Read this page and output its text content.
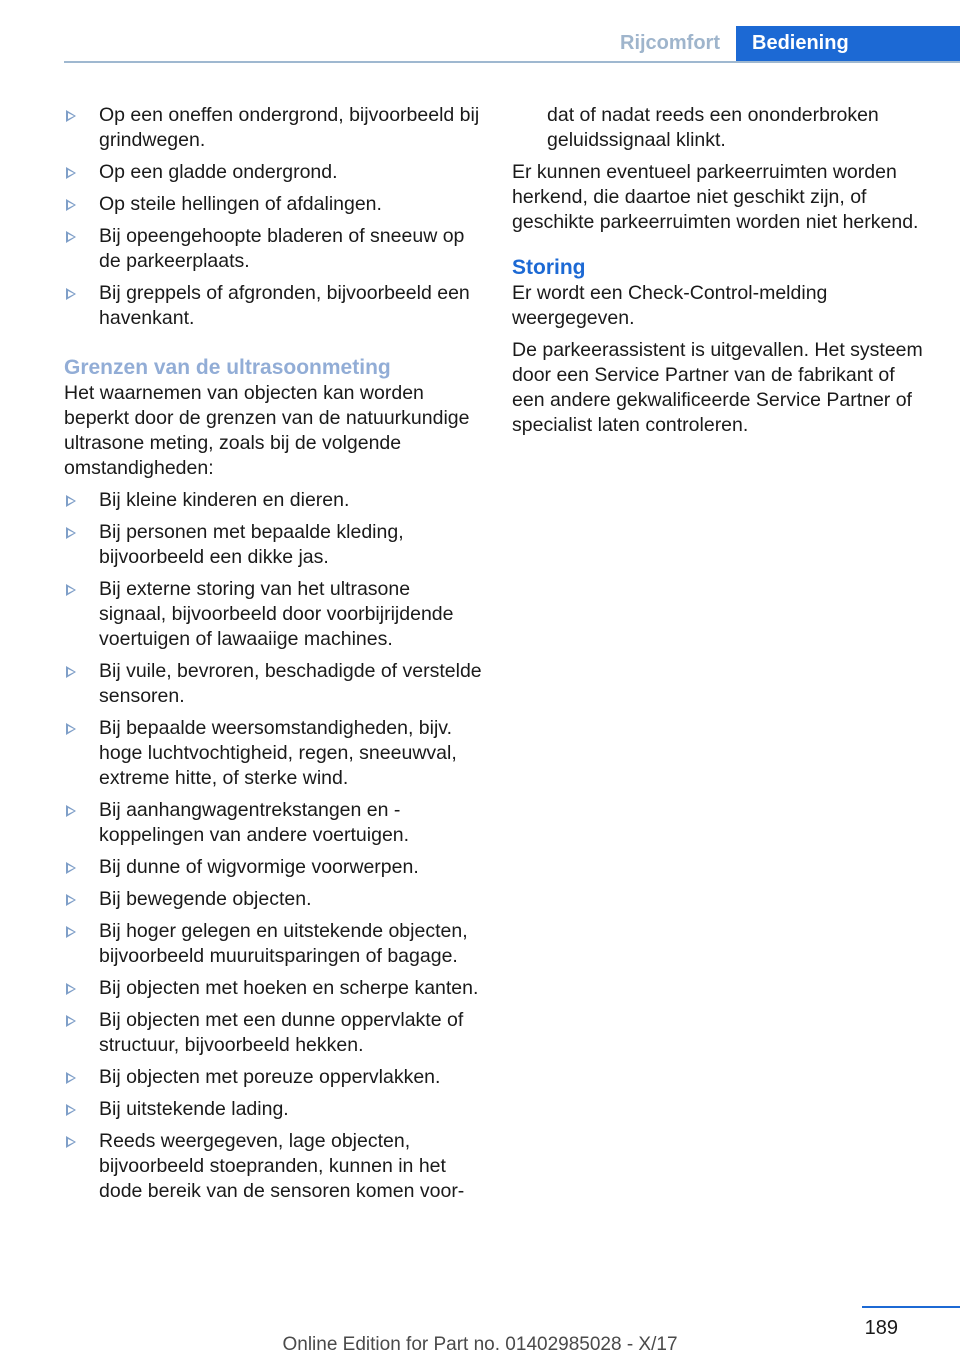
Rijcomfort	Bediening
Op een oneffen ondergrond, bijvoorbeeld bij grindwegen.
Op een gladde ondergrond.
Op steile hellingen of afdalingen.
Bij opeengehoopte bladeren of sneeuw op de parkeerplaats.
Bij greppels of afgronden, bijvoorbeeld een havenkant.
Grenzen van de ultrasoonmeting

Het waarnemen van objecten kan worden beperkt door de grenzen van de natuurkundige ultrasone meting, zoals bij de volgende omstandigheden:

Bij kleine kinderen en dieren.
Bij personen met bepaalde kleding, bijvoorbeeld een dikke jas.
Bij externe storing van het ultrasone signaal, bijvoorbeeld door voorbijrijdende voertuigen of lawaaiige machines.
Bij vuile, bevroren, beschadigde of verstelde sensoren.
Bij bepaalde weersomstandigheden, bijv. hoge luchtvochtigheid, regen, sneeuwval, extreme hitte, of sterke wind.
Bij aanhangwagentrekstangen en -koppelingen van andere voertuigen.
Bij dunne of wigvormige voorwerpen.
Bij bewegende objecten.
Bij hoger gelegen en uitstekende objecten, bijvoorbeeld muuruitsparingen of bagage.
Bij objecten met hoeken en scherpe kanten.
Bij objecten met een dunne oppervlakte of structuur, bijvoorbeeld hekken.
Bij objecten met poreuze oppervlakken.
Bij uitstekende lading.
Reeds weergegeven, lage objecten, bijvoorbeeld stoepranden, kunnen in het dode bereik van de sensoren komen voor-
dat of nadat reeds een ononderbroken geluidssignaal klinkt.

Er kunnen eventueel parkeerruimten worden herkend, die daartoe niet geschikt zijn, of geschikte parkeerruimten worden niet herkend.

Storing

Er wordt een Check-Control-melding weergegeven.

De parkeerassistent is uitgevallen. Het systeem door een Service Partner van de fabrikant of een andere gekwalificeerde Service Partner of specialist laten controleren.

189
Online Edition for Part no. 01402985028 - X/17
